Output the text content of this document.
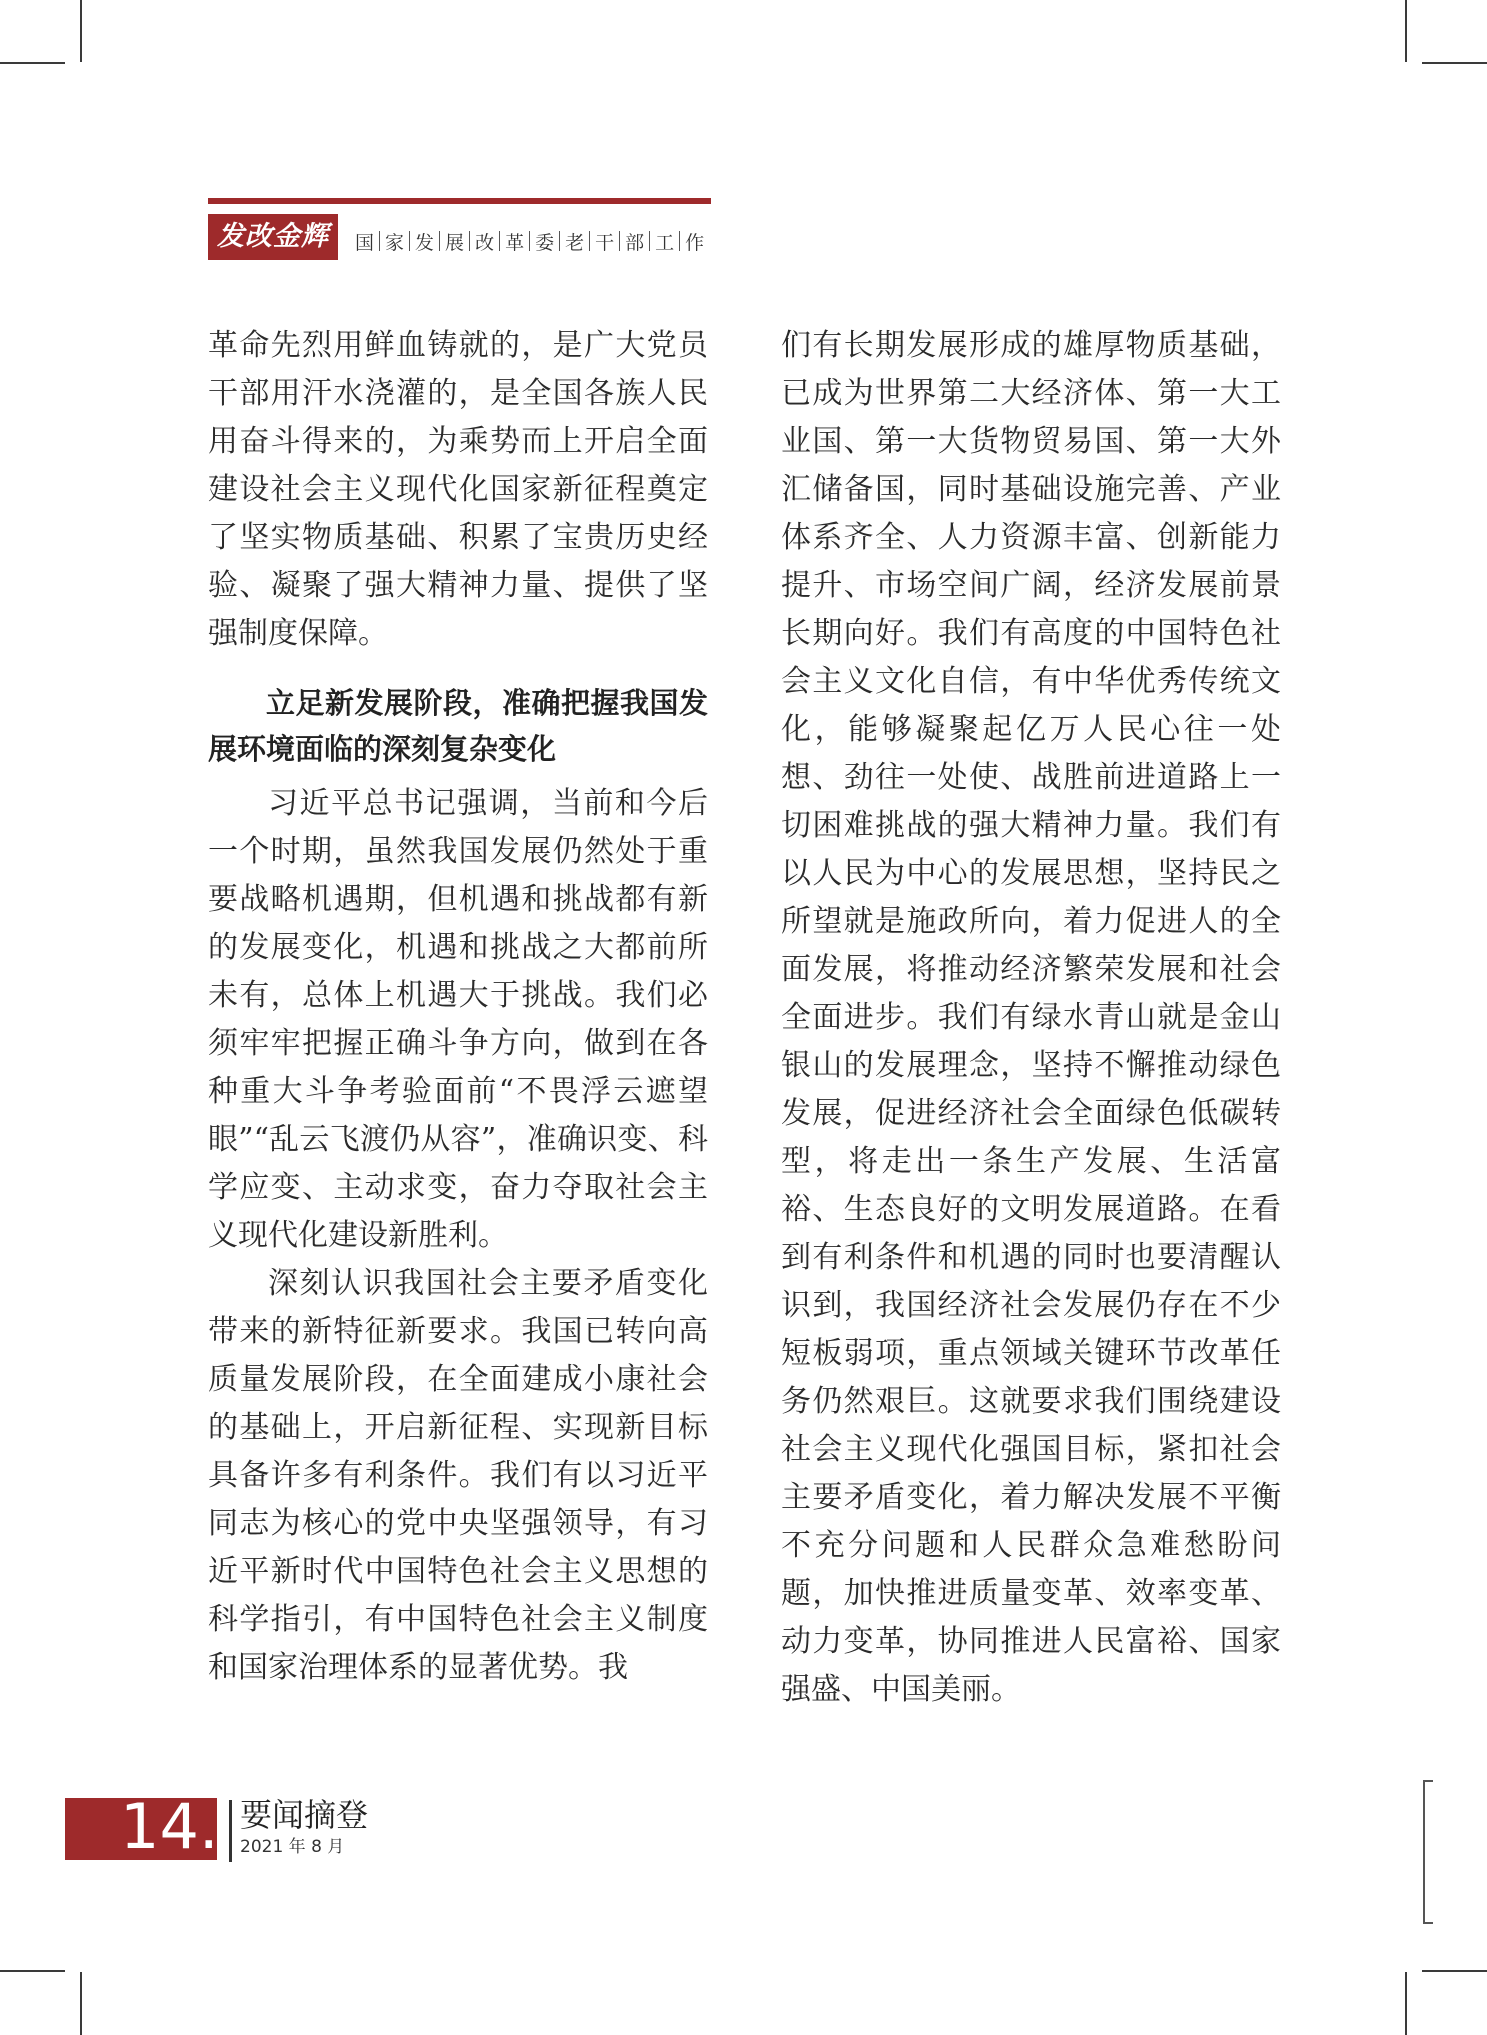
发改金辉	国 家 发 展 改 革 委 老 干 部 工 作

革命先烈用鲜血铸就的，是广大党员干部用汗水浇灌的，是全国各族人民用奋斗得来的，为乘势而上开启全面建设社会主义现代化国家新征程奠定了坚实物质基础、积累了宝贵历史经验、凝聚了强大精神力量、提供了坚强制度保障。

立足新发展阶段，准确把握我国发展环境面临的深刻复杂变化

习近平总书记强调，当前和今后一个时期，虽然我国发展仍然处于重要战略机遇期，但机遇和挑战都有新的发展变化，机遇和挑战之大都前所未有，总体上机遇大于挑战。我们必须牢牢把握正确斗争方向，做到在各种重大斗争考验面前“不畏浮云遮望眼”“乱云飞渡仍从容”，准确识变、科学应变、主动求变，奋力夺取社会主义现代化建设新胜利。

深刻认识我国社会主要矛盾变化带来的新特征新要求。我国已转向高质量发展阶段，在全面建成小康社会的基础上，开启新征程、实现新目标具备许多有利条件。我们有以习近平同志为核心的党中央坚强领导，有习近平新时代中国特色社会主义思想的科学指引，有中国特色社会主义制度和国家治理体系的显著优势。我

们有长期发展形成的雄厚物质基础，已成为世界第二大经济体、第一大工业国、第一大货物贸易国、第一大外汇储备国，同时基础设施完善、产业体系齐全、人力资源丰富、创新能力提升、市场空间广阔，经济发展前景长期向好。我们有高度的中国特色社会主义文化自信，有中华优秀传统文化，能够凝聚起亿万人民心往一处想、劲往一处使、战胜前进道路上一切困难挑战的强大精神力量。我们有以人民为中心的发展思想，坚持民之所望就是施政所向，着力促进人的全面发展，将推动经济繁荣发展和社会全面进步。我们有绿水青山就是金山银山的发展理念，坚持不懈推动绿色发展，促进经济社会全面绿色低碳转型，将走出一条生产发展、生活富裕、生态良好的文明发展道路。在看到有利条件和机遇的同时也要清醒认识到，我国经济社会发展仍存在不少短板弱项，重点领域关键环节改革任务仍然艰巨。这就要求我们围绕建设社会主义现代化强国目标，紧扣社会主要矛盾变化，着力解决发展不平衡不充分问题和人民群众急难愁盼问题，加快推进质量变革、效率变革、动力变革，协同推进人民富裕、国家强盛、中国美丽。

14. 要闻摘登
2021 年 8 月
